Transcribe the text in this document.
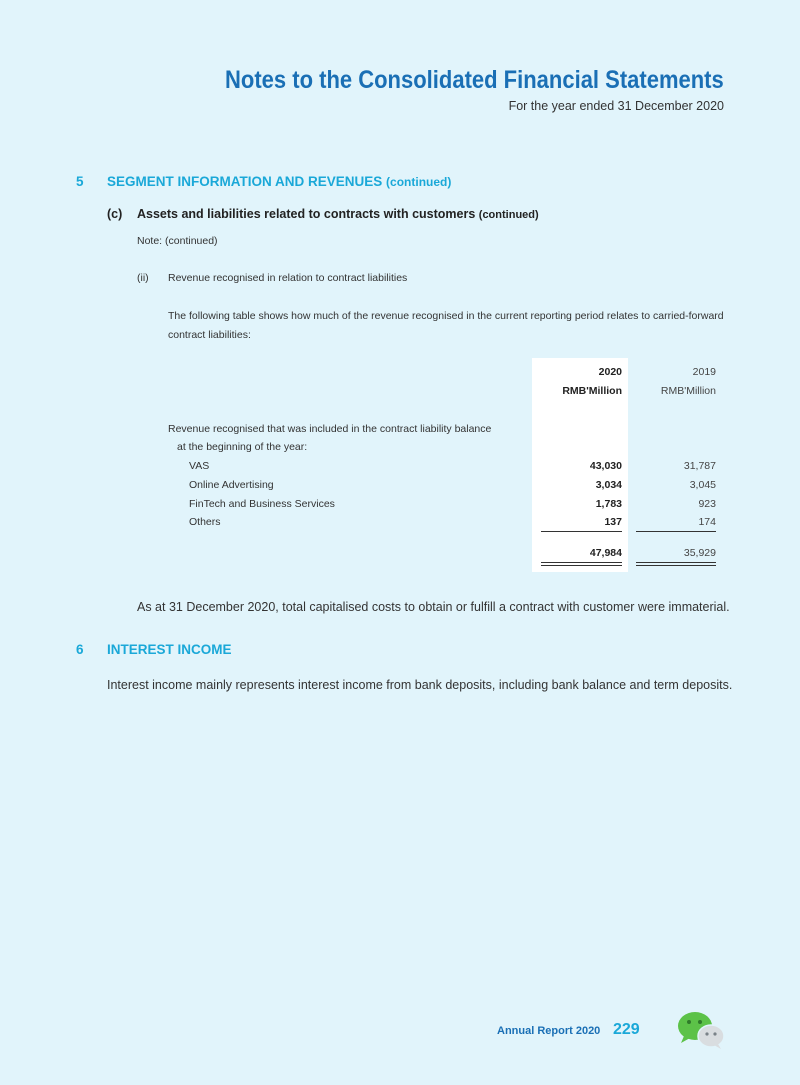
Notes to the Consolidated Financial Statements
For the year ended 31 December 2020
5 SEGMENT INFORMATION AND REVENUES (continued)
(c) Assets and liabilities related to contracts with customers (continued)
Note: (continued)
(ii) Revenue recognised in relation to contract liabilities
The following table shows how much of the revenue recognised in the current reporting period relates to carried-forward
contract liabilities:
2020	2019
RMB'Million	RMB'Million
Revenue recognised that was included in the contract liability balance
at the beginning of the year:
VAS	43,030	31,787
Online Advertising	3,034	3,045
FinTech and Business Services	1,783	923
Others	137	174
47,984	35,929
As at 31 December 2020, total capitalised costs to obtain or fulfill a contract with customer were immaterial.
6 INTEREST INCOME
Interest income mainly represents interest income from bank deposits, including bank balance and term deposits.
Annual Report 2020 229
